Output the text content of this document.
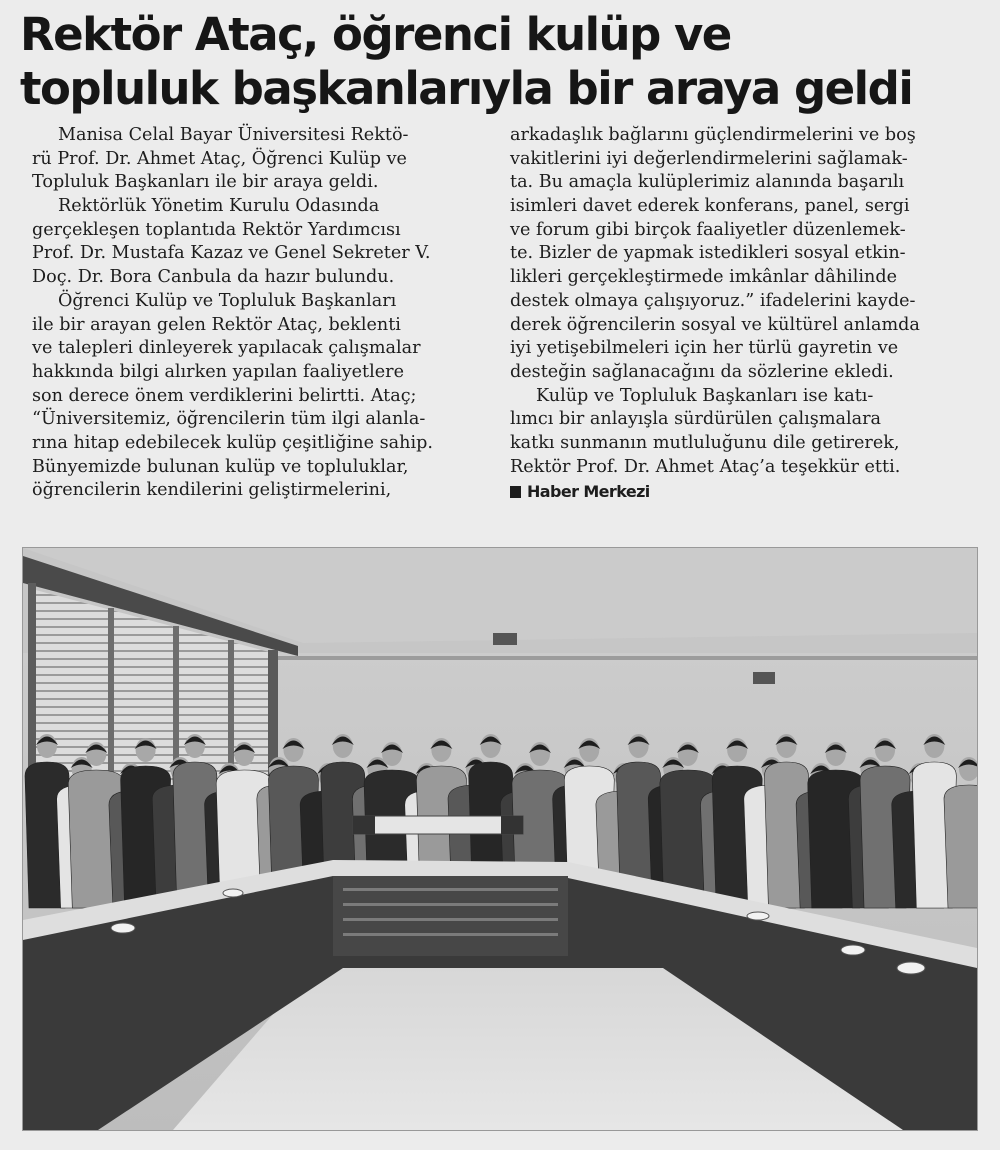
Rektör Ataç, öğrenci kulüp ve
topluluk başkanlarıyla bir araya geldi
Manisa Celal Bayar Üniversitesi Rektö-
rü Prof. Dr. Ahmet Ataç, Öğrenci Kulüp ve
Topluluk Başkanları ile bir araya geldi.
Rektörlük Yönetim Kurulu Odasında
gerçekleşen toplantıda Rektör Yardımcısı
Prof. Dr. Mustafa Kazaz ve Genel Sekreter V.
Doç. Dr. Bora Canbula da hazır bulundu.
Öğrenci Kulüp ve Topluluk Başkanları
ile bir arayan gelen Rektör Ataç, beklenti
ve talepleri dinleyerek yapılacak çalışmalar
hakkında bilgi alırken yapılan faaliyetlere
son derece önem verdiklerini belirtti. Ataç;
“Üniversitemiz, öğrencilerin tüm ilgi alanla-
rına hitap edebilecek kulüp çeşitliğine sahip.
Bünyemizde bulunan kulüp ve topluluklar,
öğrencilerin kendilerini geliştirmelerini,
arkadaşlık bağlarını güçlendirmelerini ve boş
vakitlerini iyi değerlendirmelerini sağlamak-
ta. Bu amaçla kulüplerimiz alanında başarılı
isimleri davet ederek konferans, panel, sergi
ve forum gibi birçok faaliyetler düzenlemek-
te. Bizler de yapmak istedikleri sosyal etkin-
likleri gerçekleştirmede imkânlar dâhilinde
destek olmaya çalışıyoruz.” ifadelerini kayde-
derek öğrencilerin sosyal ve kültürel anlamda
iyi yetişebilmeleri için her türlü gayretin ve
desteğin sağlanacağını da sözlerine ekledi.
Kulüp ve Topluluk Başkanları ise katı-
lımcı bir anlayışla sürdürülen çalışmalara
katkı sunmanın mutluluğunu dile getirerek,
Rektör Prof. Dr. Ahmet Ataç’a teşekkür etti.
Haber Merkezi
